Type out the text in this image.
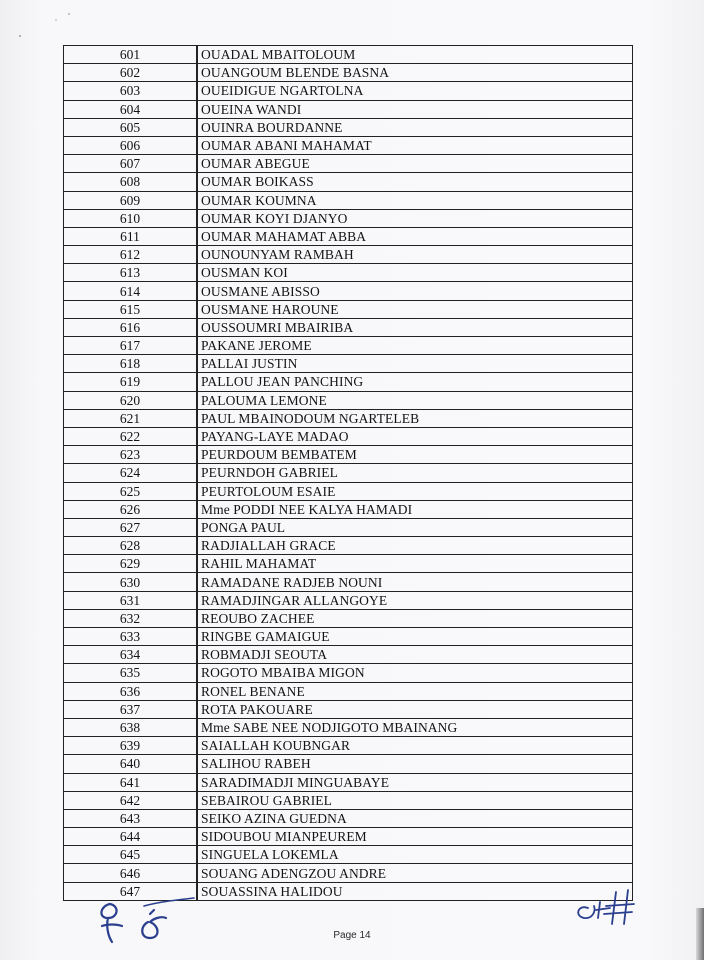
601	OUADAL MBAITOLOUM
602	OUANGOUM BLENDE BASNA
603	OUEIDIGUE NGARTOLNA
604	OUEINA WANDI
605	OUINRA BOURDANNE
606	OUMAR ABANI MAHAMAT
607	OUMAR ABEGUE
608	OUMAR BOIKASS
609	OUMAR KOUMNA
610	OUMAR KOYI DJANYO
611	OUMAR MAHAMAT ABBA
612	OUNOUNYAM RAMBAH
613	OUSMAN KOI
614	OUSMANE ABISSO
615	OUSMANE HAROUNE
616	OUSSOUMRI MBAIRIBA
617	PAKANE JEROME
618	PALLAI JUSTIN
619	PALLOU JEAN PANCHING
620	PALOUMA LEMONE
621	PAUL MBAINODOUM NGARTELEB
622	PAYANG-LAYE MADAO
623	PEURDOUM BEMBATEM
624	PEURNDOH GABRIEL
625	PEURTOLOUM ESAIE
626	Mme PODDI NEE KALYA HAMADI
627	PONGA PAUL
628	RADJIALLAH GRACE
629	RAHIL MAHAMAT
630	RAMADANE RADJEB NOUNI
631	RAMADJINGAR ALLANGOYE
632	REOUBO ZACHEE
633	RINGBE GAMAIGUE
634	ROBMADJI SEOUTA
635	ROGOTO MBAIBA MIGON
636	RONEL BENANE
637	ROTA PAKOUARE
638	Mme SABE NEE NODJIGOTO MBAINANG
639	SAIALLAH KOUBNGAR
640	SALIHOU RABEH
641	SARADIMADJI MINGUABAYE
642	SEBAIROU GABRIEL
643	SEIKO AZINA GUEDNA
644	SIDOUBOU MIANPEUREM
645	SINGUELA LOKEMLA
646	SOUANG ADENGZOU ANDRE
647	SOUASSINA HALIDOU
Page 14
